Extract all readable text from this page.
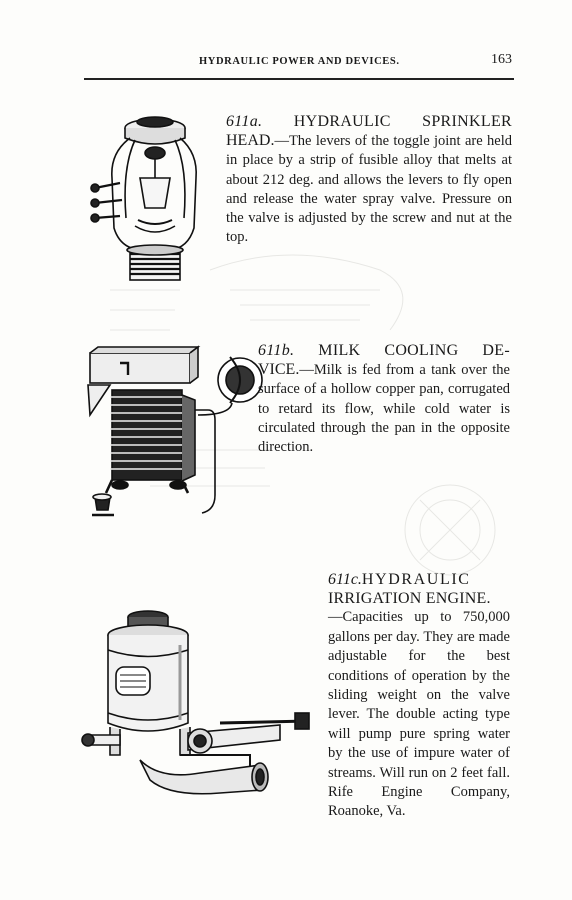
HYDRAULIC POWER AND DEVICES.	163

611a. HYDRAULIC SPRINKLER

HEAD.—The levers of the toggle joint are held in place by a strip of fusible alloy that melts at about 212 deg. and allows the levers to fly open and release the water spray valve. Pressure on the valve is adjusted by the screw and nut at the top.

611b. MILK COOLING DE-

VICE.—Milk is fed from a tank over the surface of a hollow copper pan, corrugated to retard its flow, while cold water is circulated through the pan in the opposite direction.

611c.HYDRAULIC

IRRIGATION ENGINE.

—Capacities up to 750,000 gallons per day. They are made adjustable for the best conditions of operation by the sliding weight on the valve lever. The double acting type will pump pure spring water by the use of impure water of streams. Will run on 2 feet fall. Rife Engine Company, Roanoke, Va.
